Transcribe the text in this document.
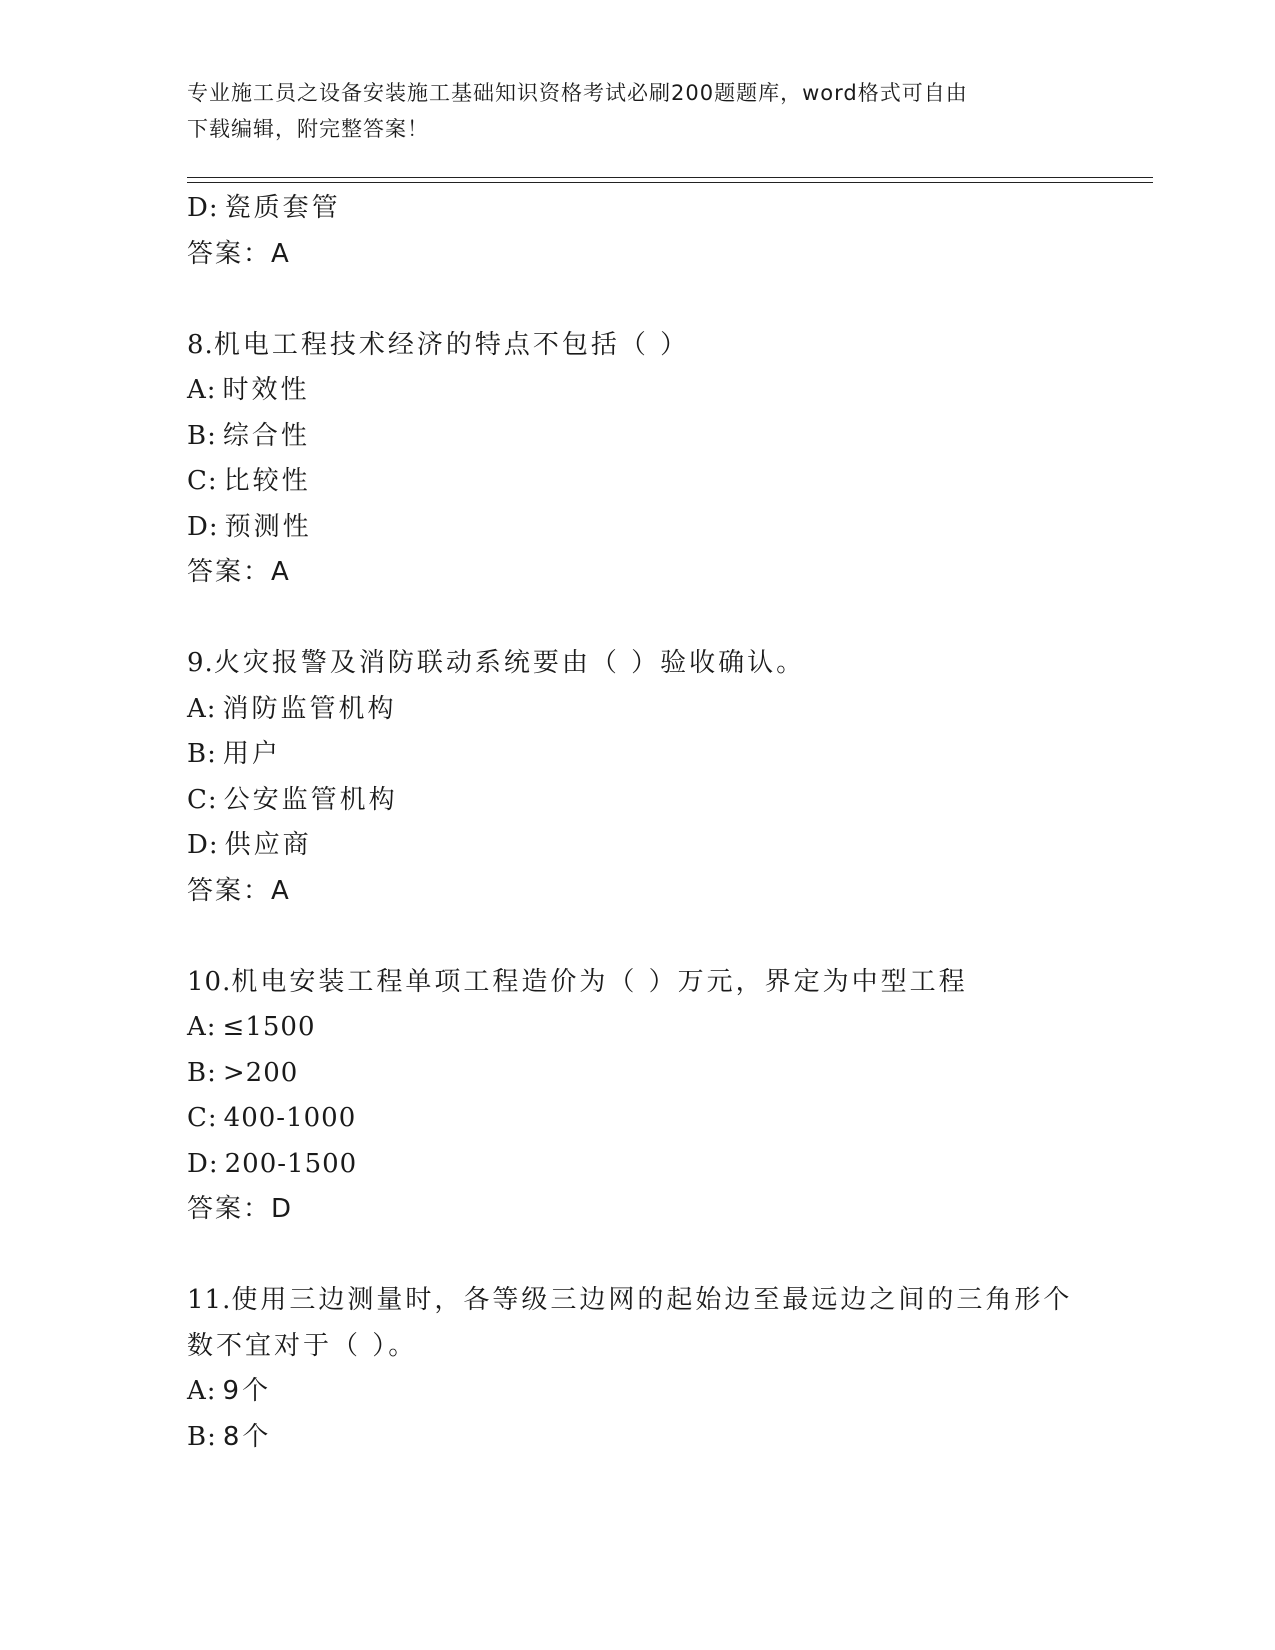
专业施工员之设备安装施工基础知识资格考试必刷200题题库，word格式可自由
下载编辑，附完整答案！
D: 瓷质套管
答案：A
8.机电工程技术经济的特点不包括（ ）
A: 时效性
B: 综合性
C: 比较性
D: 预测性
答案：A
9.火灾报警及消防联动系统要由（ ）验收确认。
A: 消防监管机构
B: 用户
C: 公安监管机构
D: 供应商
答案：A
10.机电安装工程单项工程造价为（ ）万元，界定为中型工程
A: ≤1500
B: >200
C: 400-1000
D: 200-1500
答案：D
11.使用三边测量时，各等级三边网的起始边至最远边之间的三角形个
数不宜对于（ ）。
A: 9个
B: 8个
